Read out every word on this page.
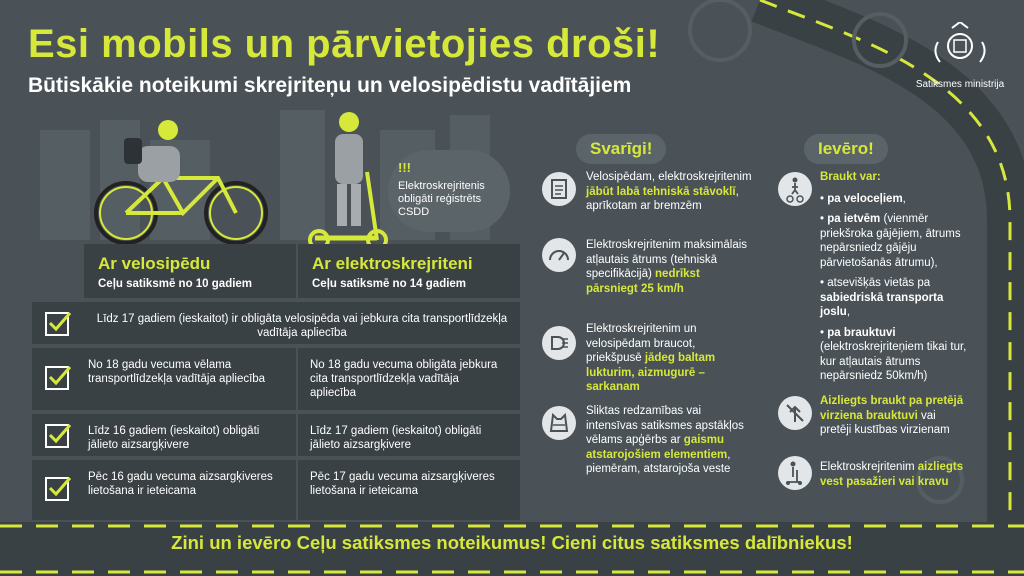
Esi mobils un pārvietojies droši!
Būtiskākie noteikumi skrejriteņu un velosipēdistu vadītājiem	Satiksmes ministrija
!!!
Elektroskrejritenis obligāti reģistrēts CSDD
Ar velosipēdu
Ceļu satiksmē no 10 gadiem
Ar elektroskrejriteni
Ceļu satiksmē no 14 gadiem
Līdz 17 gadiem (ieskaitot) ir obligāta velosipēda vai jebkura cita transportlīdzekļa vadītāja apliecība
No 18 gadu vecuma vēlama transportlīdzekļa vadītāja apliecība
No 18 gadu vecuma obligāta jebkura cita transportlīdzekļa vadītāja apliecība
Līdz 16 gadiem (ieskaitot) obligāti jālieto aizsargķivere
Līdz 17 gadiem (ieskaitot) obligāti jālieto aizsargķivere
Pēc 16 gadu vecuma aizsargķiveres lietošana ir ieteicama
Pēc 17 gadu vecuma aizsargķiveres lietošana ir ieteicama
Svarīgi!
Velosipēdam, elektroskrejritenim jābūt labā tehniskā stāvoklī, aprīkotam ar bremzēm
Elektroskrejritenim maksimālais atļautais ātrums (tehniskā specifikācijā) nedrīkst pārsniegt 25 km/h
Elektroskrejritenim un velosipēdam braucot, priekšpusē jādeg baltam lukturim, aizmugurē – sarkanam
Sliktas redzamības vai intensīvas satiksmes apstākļos vēlams apģērbs ar gaismu atstarojošiem elementiem, piemēram, atstarojoša veste
Ievēro!
Braukt var:
• pa veloceļiem,
• pa ietvēm (vienmēr priekšroka gājējiem, ātrums nepārsniedz gājēju pārvietošanās ātrumu),
• atsevišķās vietās pa sabiedriskā transporta joslu,
• pa brauktuvi (elektroskrejriteņiem tikai tur, kur atļautais ātrums nepārsniedz 50km/h)
Aizliegts braukt pa pretējā virziena brauktuvi vai pretēji kustības virzienam
Elektroskrejritenim aizliegts vest pasažieri vai kravu
Zini un ievēro Ceļu satiksmes noteikumus! Cieni citus satiksmes dalībniekus!
